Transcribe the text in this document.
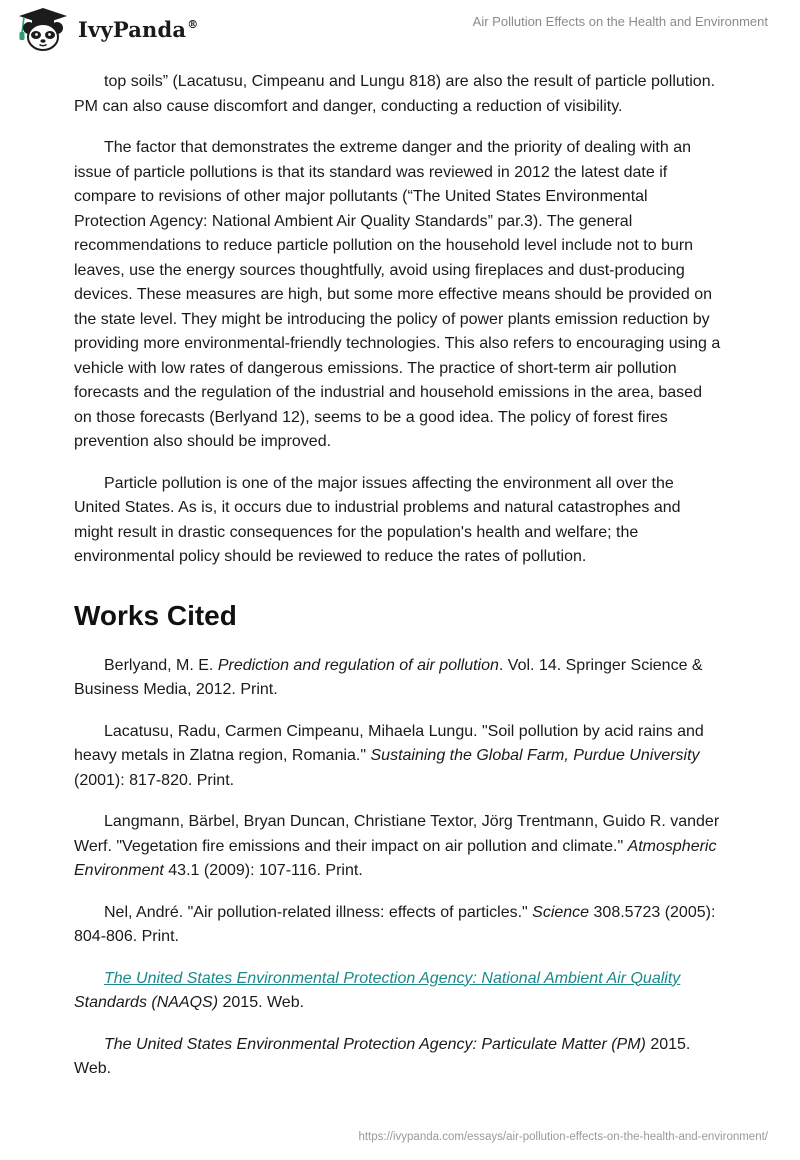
IvyPanda®	Air Pollution Effects on the Health and Environment

top soils” (Lacatusu, Cimpeanu and Lungu 818) are also the result of particle pollution. PM can also cause discomfort and danger, conducting a reduction of visibility.

The factor that demonstrates the extreme danger and the priority of dealing with an issue of particle pollutions is that its standard was reviewed in 2012 the latest date if compare to revisions of other major pollutants (“The United States Environmental Protection Agency: National Ambient Air Quality Standards” par.3). The general recommendations to reduce particle pollution on the household level include not to burn leaves, use the energy sources thoughtfully, avoid using fireplaces and dust-producing devices. These measures are high, but some more effective means should be provided on the state level. They might be introducing the policy of power plants emission reduction by providing more environmental-friendly technologies. This also refers to encouraging using a vehicle with low rates of dangerous emissions. The practice of short-term air pollution forecasts and the regulation of the industrial and household emissions in the area, based on those forecasts (Berlyand 12), seems to be a good idea. The policy of forest fires prevention also should be improved.

Particle pollution is one of the major issues affecting the environment all over the United States. As is, it occurs due to industrial problems and natural catastrophes and might result in drastic consequences for the population's health and welfare; the environmental policy should be reviewed to reduce the rates of pollution.

Works Cited

Berlyand, M. E. Prediction and regulation of air pollution. Vol. 14. Springer Science & Business Media, 2012. Print.

Lacatusu, Radu, Carmen Cimpeanu, Mihaela Lungu. "Soil pollution by acid rains and heavy metals in Zlatna region, Romania." Sustaining the Global Farm, Purdue University (2001): 817-820. Print.

Langmann, Bärbel, Bryan Duncan, Christiane Textor, Jörg Trentmann, Guido R. vander Werf. "Vegetation fire emissions and their impact on air pollution and climate." Atmospheric Environment 43.1 (2009): 107-116. Print.

Nel, André. "Air pollution-related illness: effects of particles." Science 308.5723 (2005): 804-806. Print.

The United States Environmental Protection Agency: National Ambient Air Quality Standards (NAAQS) 2015. Web.

The United States Environmental Protection Agency: Particulate Matter (PM) 2015. Web.

https://ivypanda.com/essays/air-pollution-effects-on-the-health-and-environment/
